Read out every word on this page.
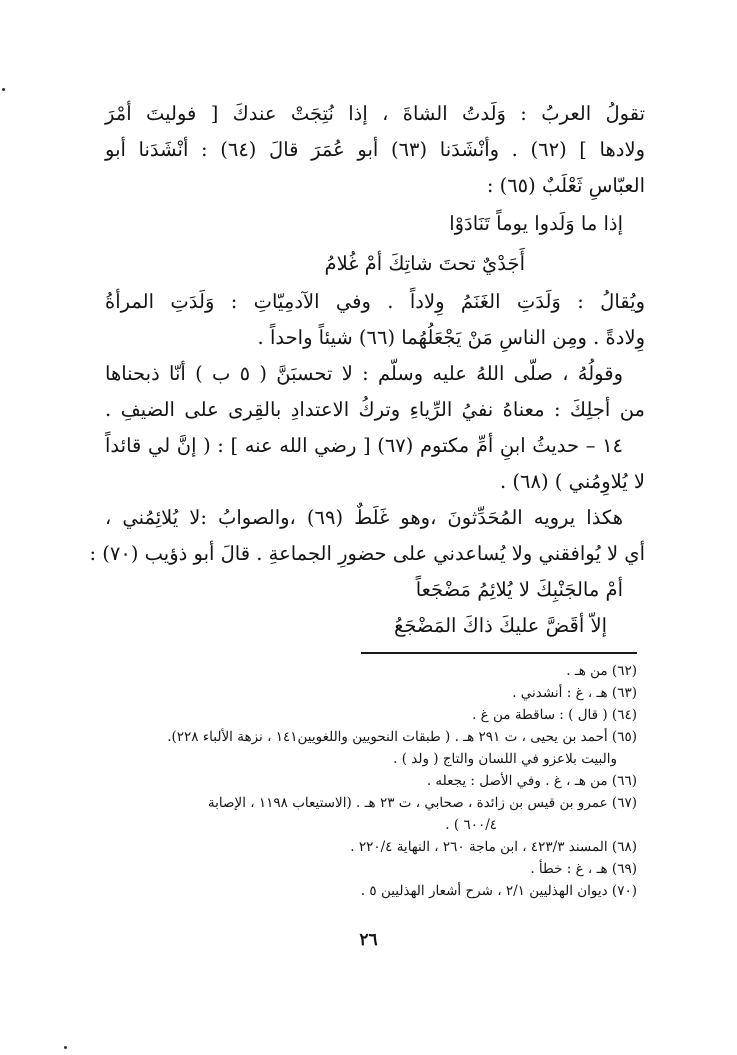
تقولُ العربُ : وَلَدتُ الشاةَ ، إذا نُتِجَتْ عندكَ [ فوليتَ أمْرَ
ولادها ] (٦٢) . وأنْشَدَنا (٦٣) أبو عُمَرَ قالَ (٦٤) : أنْشَدَنا أبو
العبّاسِ ثَعْلَبٌ (٦٥) :
إذا ما وَلَدوا يوماً تَنَادَوْا
أَجَدْيٌ تحتَ شاتِكَ أمْ غُلامُ
ويُقالُ : وَلَدَتِ الغَنَمُ وِلاداً . وفي الآدمِيّاتِ : وَلَدَتِ المرأةُ
وِلادةً . ومِن الناسِ مَنْ يَجْعَلُهُما (٦٦) شيئاً واحداً .
وقولُهُ ، صلّى اللهُ عليه وسلّم : لا تحسبَنَّ ( ٥ ب ) أنّا ذبحناها
من أجلِكَ : معناهُ نفيُ الرِّياءِ وتركُ الاعتدادِ بالقِرى على الضيفِ .
١٤ – حديثُ ابنِ أمِّ مكتوم (٦٧) [ رضي الله عنه ] : ( إنَّ لي قائداً
لا يُلاوِمُني ) (٦٨) .
هكذا يرويه المُحَدِّثونَ ،وهو غَلَطٌ (٦٩) ،والصوابُ :لا يُلائِمُني ،
أي لا يُوافقني ولا يُساعدني على حضورِ الجماعةِ . قالَ أبو ذؤيب (٧٠) :
أمْ مالجَنْبِكَ لا يُلائِمُ مَضْجَعاً
إلاّ أقَضَّ عليكَ ذاكَ المَضْجَعُ
(٦٢) من هـ .
(٦٣) هـ ، غ : أنشدني .
(٦٤) ( قال ) : ساقطة من غ .
(٦٥) أحمد بن يحيى ، ت ٢٩١ هـ . ( طبقات النحويين واللغويين١٤١ ، نزهة الألباء ٢٢٨).
والبيت بلاعزو في اللسان والتاج ( ولد ) .
(٦٦) من هـ ، غ . وفي الأصل : يجعله .
(٦٧) عمرو بن قيس بن زائدة ، صحابي ، ت ٢٣ هـ . (الاستيعاب ١١٩٨ ، الإصابة
٦٠٠/٤ ) .
(٦٨) المسند ٤٢٣/٣ ، ابن ماجة ٢٦٠ ، النهاية ٢٢٠/٤ .
(٦٩) هـ ، غ : خطأ .
(٧٠) ديوان الهذليين ٢/١ ، شرح أشعار الهذليين ٥ .
٢٦
